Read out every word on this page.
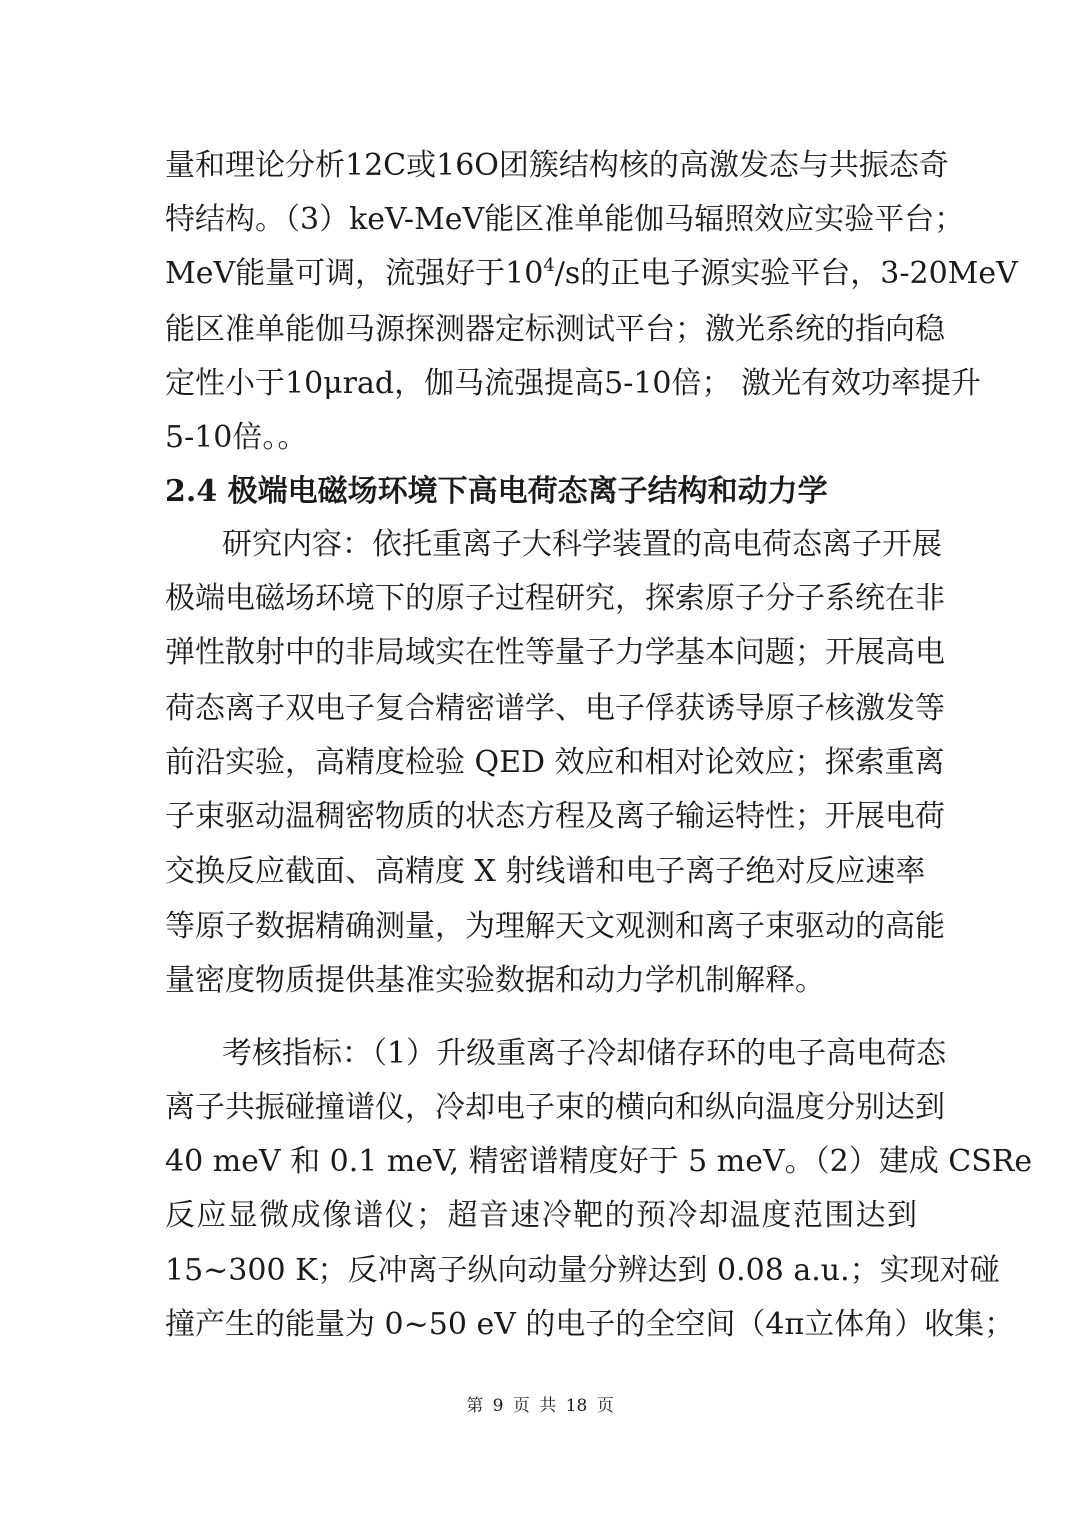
量和理论分析12C或16O团簇结构核的高激发态与共振态奇
特结构。（3）keV-MeV能区准单能伽马辐照效应实验平台；
MeV能量可调，流强好于$10^4/s$的正电子源实验平台，3-20MeV
能区准单能伽马源探测器定标测试平台；激光系统的指向稳
定性小于10μrad，伽马流强提高5-10倍； 激光有效功率提升
5-10倍。。
2.4 极端电磁场环境下高电荷态离子结构和动力学
研究内容：依托重离子大科学装置的高电荷态离子开展
极端电磁场环境下的原子过程研究，探索原子分子系统在非
弹性散射中的非局域实在性等量子力学基本问题；开展高电
荷态离子双电子复合精密谱学、电子俘获诱导原子核激发等
前沿实验，高精度检验 QED 效应和相对论效应；探索重离
子束驱动温稠密物质的状态方程及离子输运特性；开展电荷
交换反应截面、高精度 X 射线谱和电子离子绝对反应速率
等原子数据精确测量，为理解天文观测和离子束驱动的高能
量密度物质提供基准实验数据和动力学机制解释。
考核指标：（1）升级重离子冷却储存环的电子高电荷态
离子共振碰撞谱仪，冷却电子束的横向和纵向温度分别达到
40 meV 和 0.1 meV, 精密谱精度好于 5 meV。（2）建成 CSRe
反应显微成像谱仪；超音速冷靶的预冷却温度范围达到
15~300 K；反冲离子纵向动量分辨达到 0.08 a.u.；实现对碰
撞产生的能量为 0~50 eV 的电子的全空间（4π立体角）收集；
第 9 页 共 18 页
